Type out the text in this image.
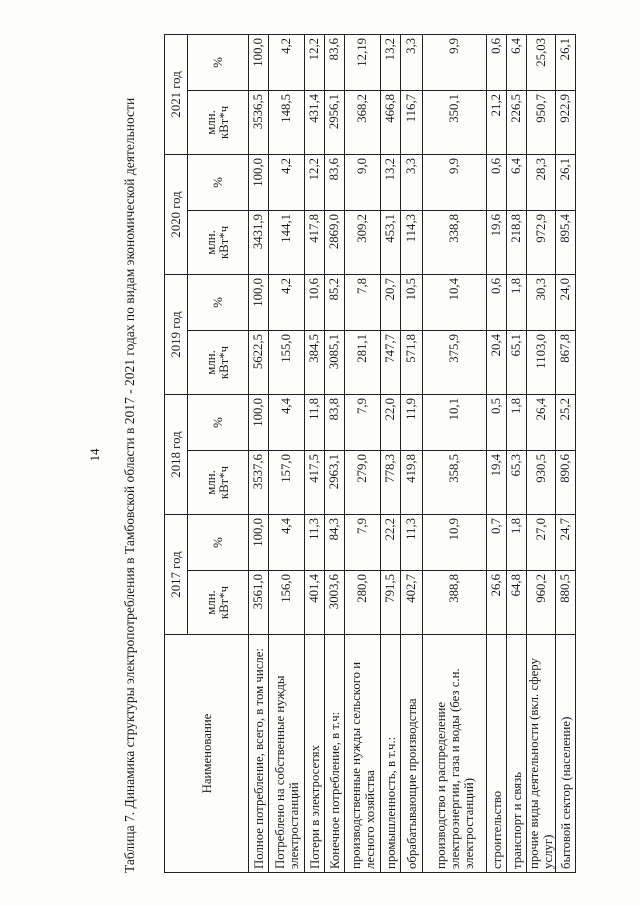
14 Таблица 7. Динамика структуры электропотребления в Тамбовской области в 2017 - 2021 годах по видам экономической деятельности	Наименование	2017 год		2018 год		2019 год		2020 год		2021 год	
	млн. кВт*ч	%	млн. кВт*ч	%	млн. кВт*ч	%	млн. кВт*ч	%	млн. кВт*ч	%
Полное потребление, всего, в том числе:	3561,0	100,0	3537,6	100,0	5622,5	100,0	3431,9	100,0	3536,5	100,0
Потреблено на собственные нужды электростанций	156,0	4,4	157,0	4,4	155,0	4,2	144,1	4,2	148,5	4,2
Потери в электросетях	401,4	11,3	417,5	11,8	384,5	10,6	417,8	12,2	431,4	12,2
Конечное потребление, в т.ч:	3003,6	84,3	2963,1	83,8	3085,1	85,2	2869,0	83,6	2956,1	83,6
производственные нужды сельского и лесного хозяйства	280,0	7,9	279,0	7,9	281,1	7,8	309,2	9,0	368,2	12,19
промышленность, в т.ч.:	791,5	22,2	778,3	22,0	747,7	20,7	453,1	13,2	466,8	13,2
обрабатывающие производства	402,7	11,3	419,8	11,9	571,8	10,5	114,3	3,3	116,7	3,3
производство и распределение электроэнергии, газа и воды (без с.н. электростанций)	388,8	10,9	358,5	10,1	375,9	10,4	338,8	9,9	350,1	9,9
строительство	26,6	0,7	19,4	0,5	20,4	0,6	19,6	0,6	21,2	0,6
транспорт и связь	64,8	1,8	65,3	1,8	65,1	1,8	218,8	6,4	226,5	6,4
прочие виды деятельности (вкл. сферу услуг)	960,2	27,0	930,5	26,4	1103,0	30,3	972,9	28,3	950,7	25,03
бытовой сектор (население)	880,5	24,7	890,6	25,2	867,8	24,0	895,4	26,1	922,9	26,1
